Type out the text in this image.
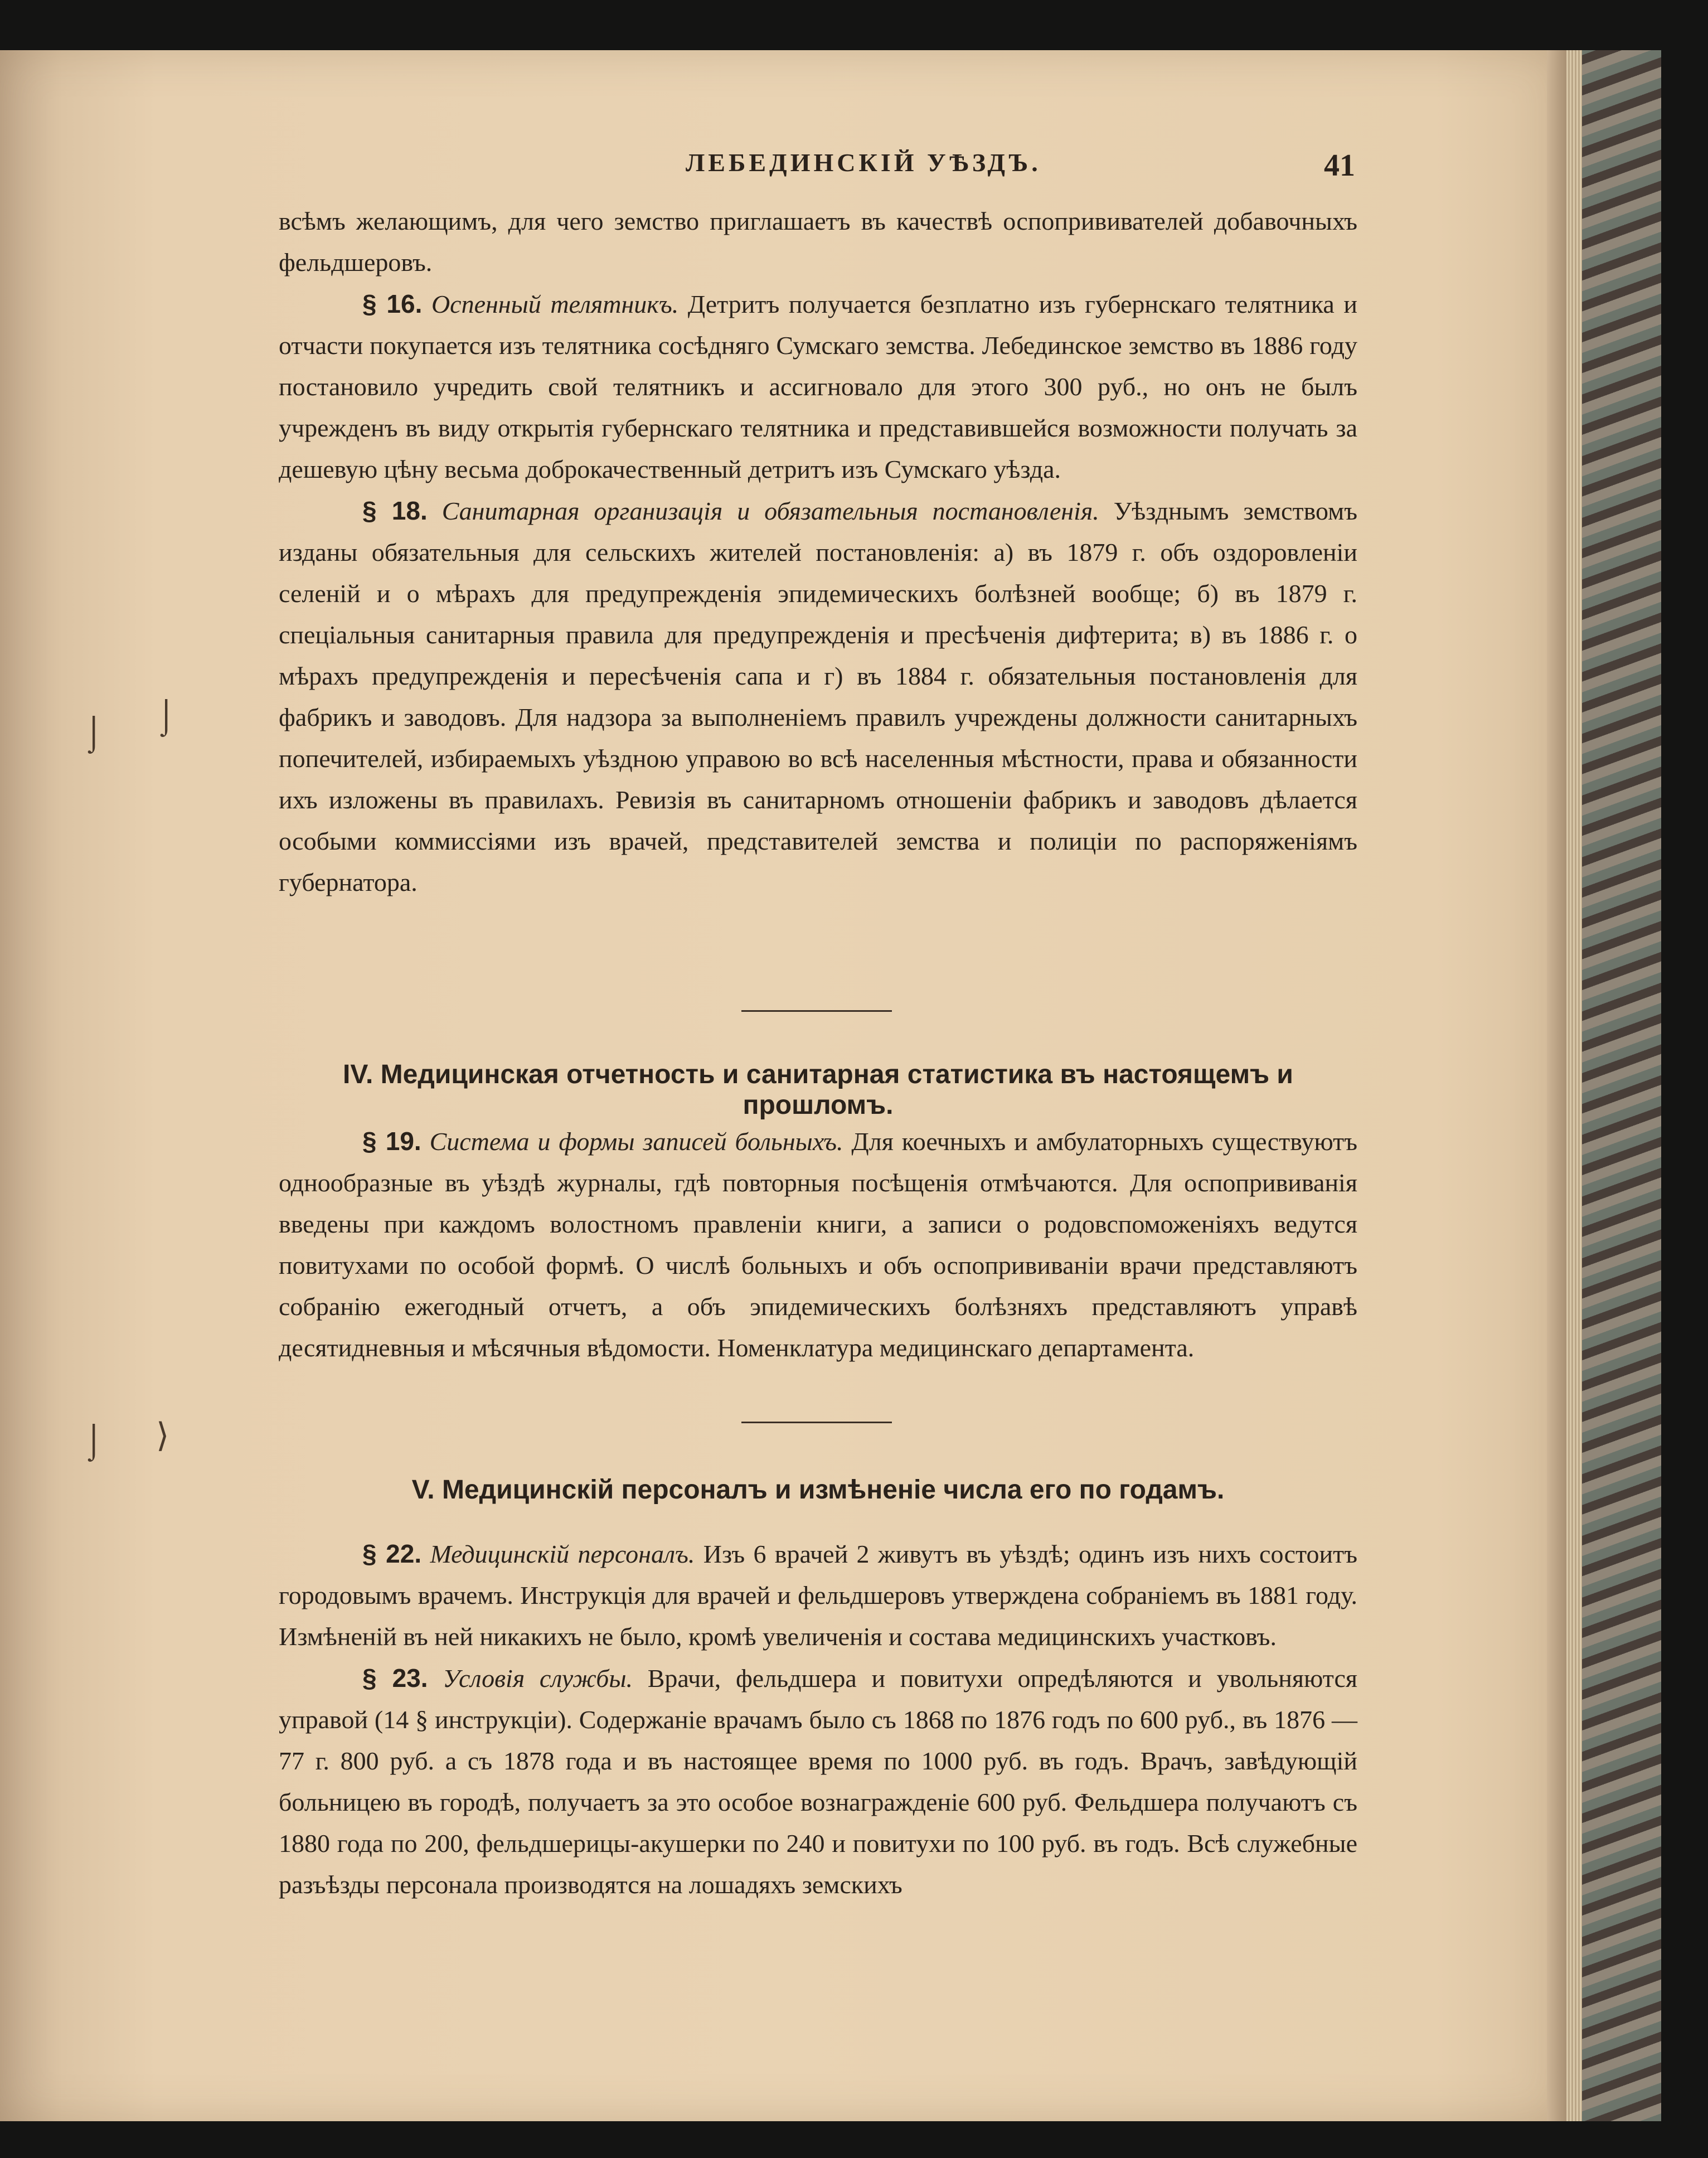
ЛЕБЕДИНСКІЙ УѢЗДЪ.	41

всѣмъ желающимъ, для чего земство приглашаетъ въ качествѣ оспопрививателей добавочныхъ фельдшеровъ.

§ 16. Оспенный телятникъ. Детритъ получается безплатно изъ губернскаго телятника и отчасти покупается изъ телятника сосѣдняго Сумскаго земства. Лебединское земство въ 1886 году постановило учредить свой телятникъ и ассигновало для этого 300 руб., но онъ не былъ учрежденъ въ виду открытія губернскаго телятника и представившейся возможности получать за дешевую цѣну весьма доброкачественный детритъ изъ Сумскаго уѣзда.

§ 18. Санитарная организація и обязательныя постановленія. Уѣзднымъ земствомъ изданы обязательныя для сельскихъ жителей постановленія: а) въ 1879 г. объ оздоровленіи селеній и о мѣрахъ для предупрежденія эпидемическихъ болѣзней вообще; б) въ 1879 г. спеціальныя санитарныя правила для предупрежденія и пресѣченія дифтерита; в) въ 1886 г. о мѣрахъ предупрежденія и пересѣченія сапа и г) въ 1884 г. обязательныя постановленія для фабрикъ и заводовъ. Для надзора за выполненіемъ правилъ учреждены должности санитарныхъ попечителей, избираемыхъ уѣздною управою во всѣ населенныя мѣстности, права и обязанности ихъ изложены въ правилахъ. Ревизія въ санитарномъ отношеніи фабрикъ и заводовъ дѣлается особыми коммиссіями изъ врачей, представителей земства и полиціи по распоряженіямъ губернатора.

IV. Медицинская отчетность и санитарная статистика въ настоящемъ и прошломъ.

§ 19. Система и формы записей больныхъ. Для коечныхъ и амбулаторныхъ существуютъ однообразные въ уѣздѣ журналы, гдѣ повторныя посѣщенія отмѣчаются. Для оспопрививанія введены при каждомъ волостномъ правленіи книги, а записи о родовспоможеніяхъ ведутся повитухами по особой формѣ. О числѣ больныхъ и объ оспопрививаніи врачи представляютъ собранію ежегодный отчетъ, а объ эпидемическихъ болѣзняхъ представляютъ управѣ десятидневныя и мѣсячныя вѣдомости. Номенклатура медицинскаго департамента.

V. Медицинскій персоналъ и измѣненіе числа его по годамъ.

§ 22. Медицинскій персоналъ. Изъ 6 врачей 2 живутъ въ уѣздѣ; одинъ изъ нихъ состоитъ городовымъ врачемъ. Инструкція для врачей и фельдшеровъ утверждена собраніемъ въ 1881 году. Измѣненій въ ней никакихъ не было, кромѣ увеличенія и состава медицинскихъ участковъ.

§ 23. Условія службы. Врачи, фельдшера и повитухи опредѣляются и увольняются управой (14 § инструкціи). Содержаніе врачамъ было съ 1868 по 1876 годъ по 600 руб., въ 1876 — 77 г. 800 руб. а съ 1878 года и въ настоящее время по 1000 руб. въ годъ. Врачъ, завѣдующій больницею въ городѣ, получаетъ за это особое вознагражденіе 600 руб. Фельдшера получаютъ съ 1880 года по 200, фельдшерицы-акушерки по 240 и повитухи по 100 руб. въ годъ. Всѣ служебные разъѣзды персонала производятся на лошадяхъ земскихъ

⌡ ⌡
⌡ ⟩
